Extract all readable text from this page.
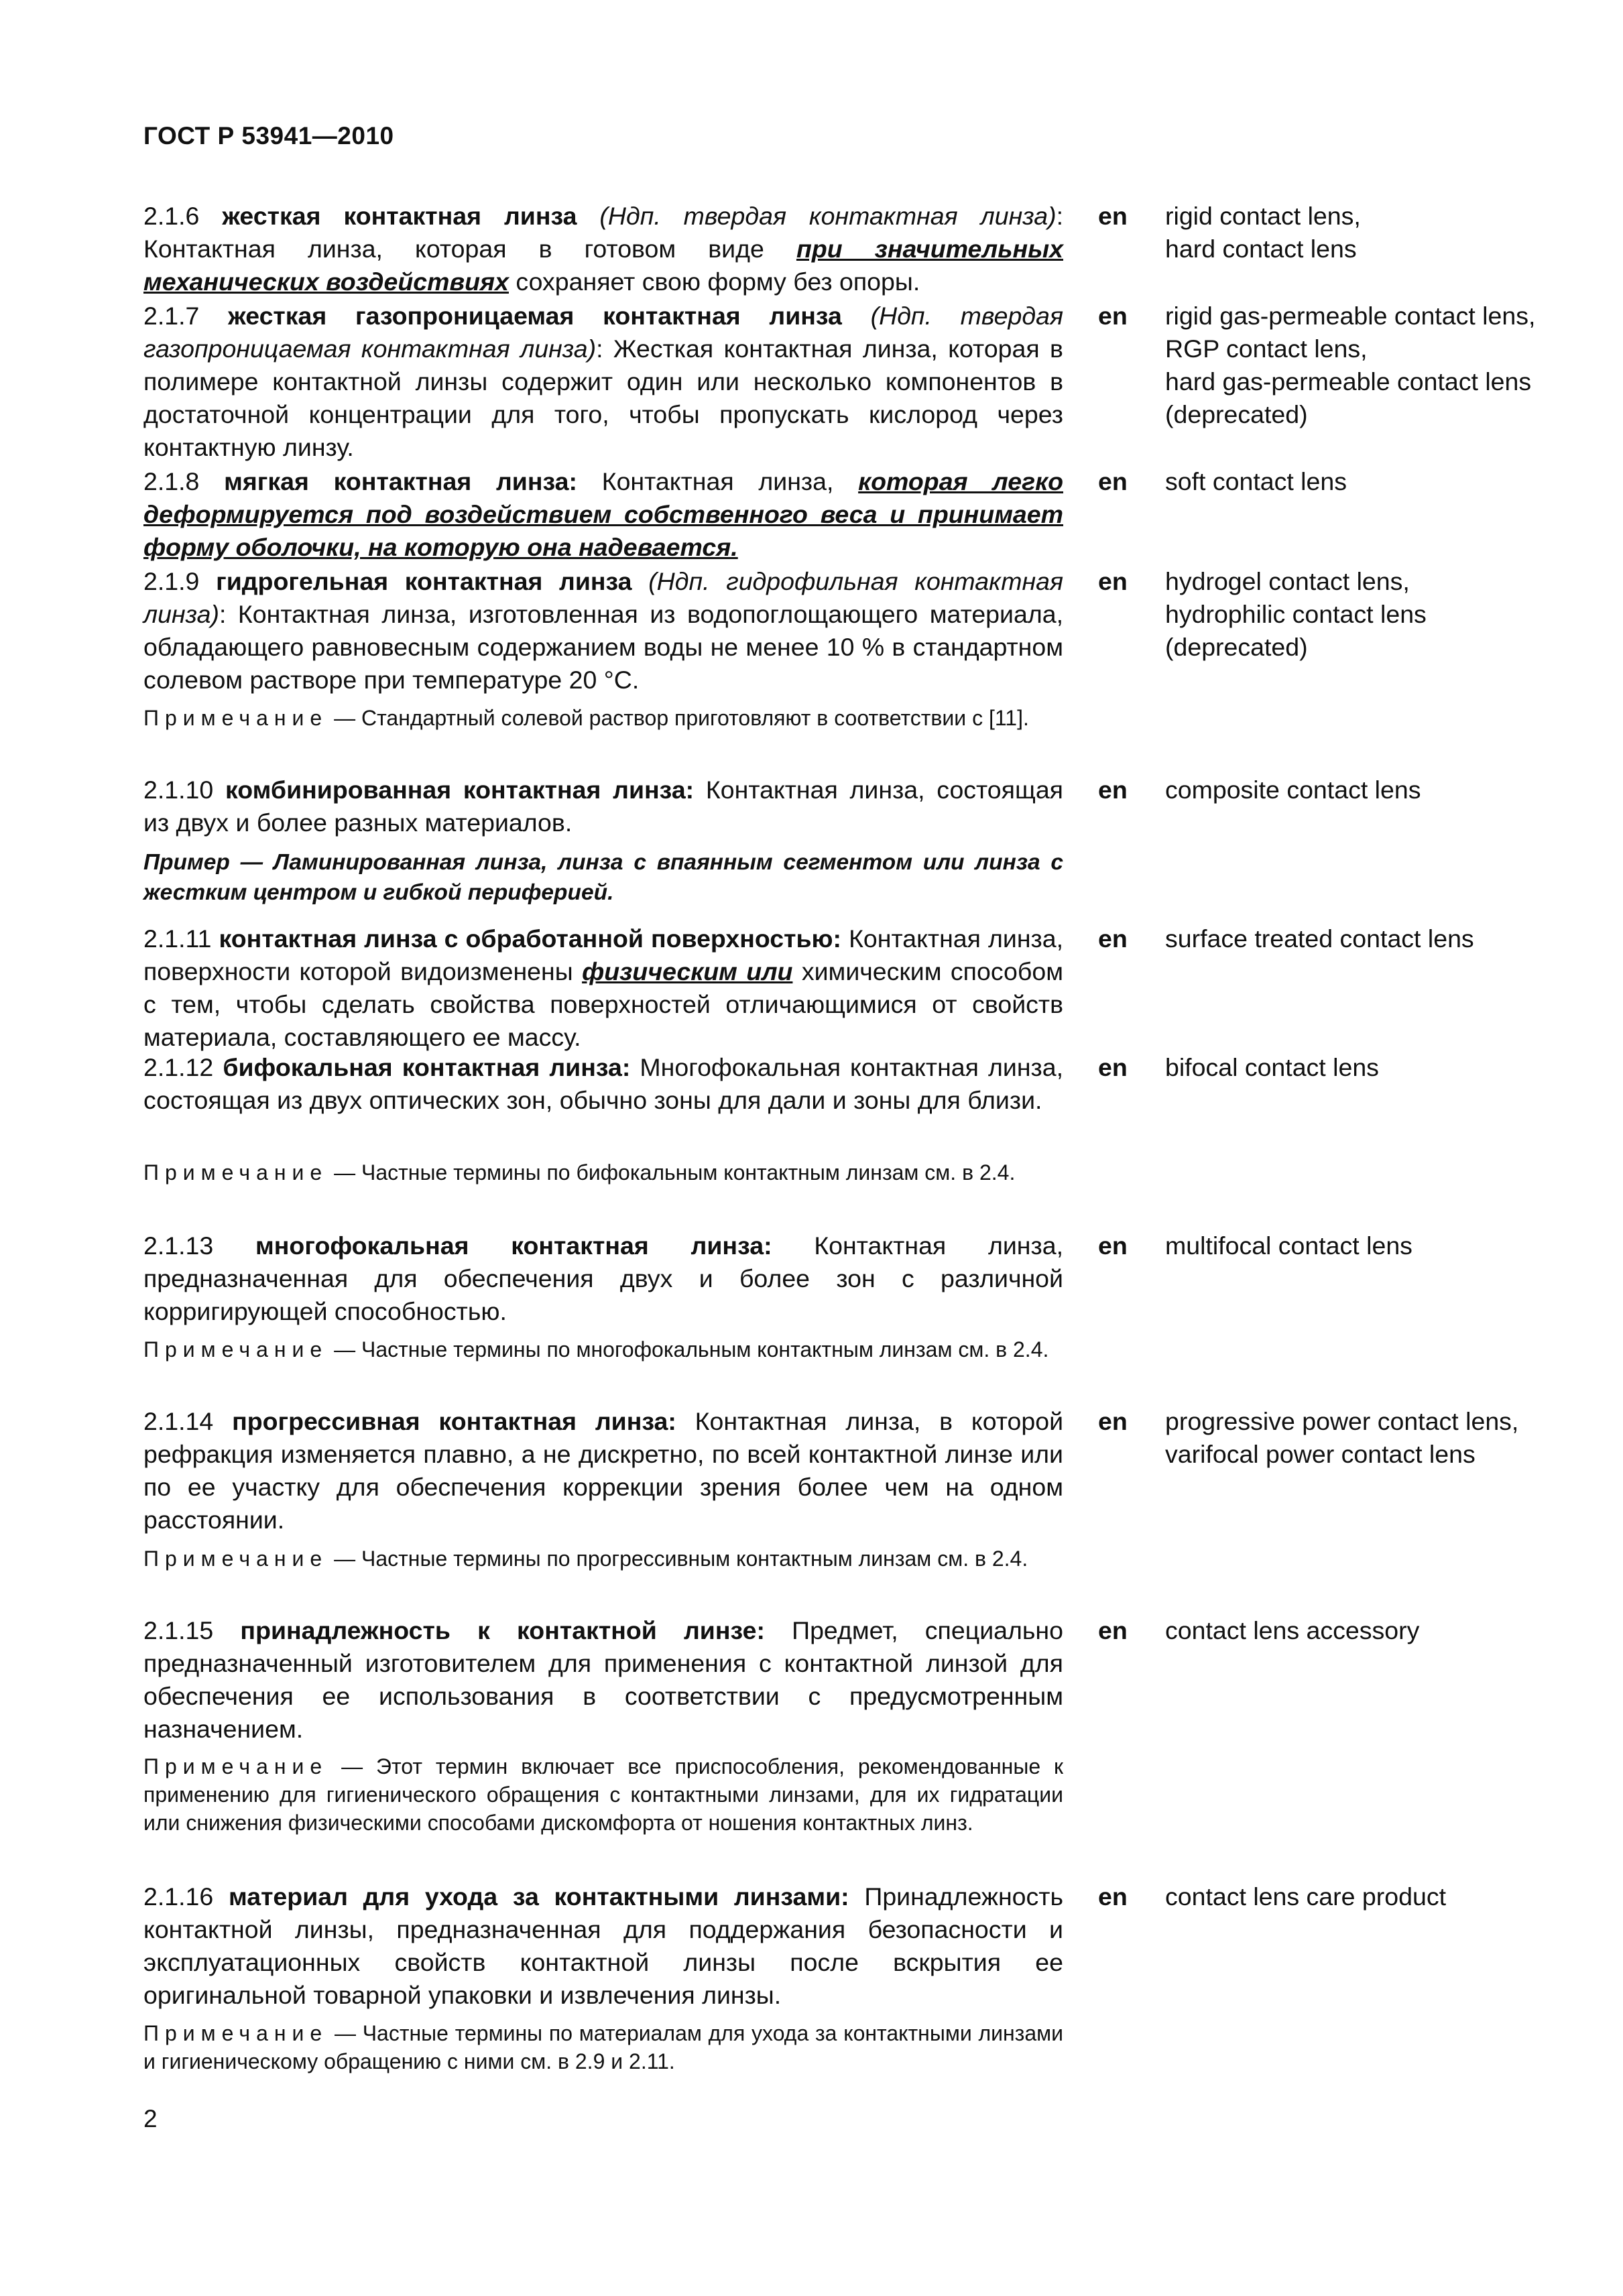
ГОСТ Р 53941—2010
2.1.6 жесткая контактная линза (Ндп. твердая контактная линза): Контактная линза, которая в готовом виде при значительных механических воздействиях сохраняет свою форму без опоры.
en rigid contact lens,
hard contact lens
2.1.7 жесткая газопроницаемая контактная линза (Ндп. твердая газопроницаемая контактная линза): Жесткая контактная линза, которая в полимере контактной линзы содержит один или несколько компонентов в достаточной концентрации для того, чтобы пропускать кислород через контактную линзу.
en rigid gas-permeable contact lens,
RGP contact lens,
hard gas-permeable contact lens (deprecated)
2.1.8 мягкая контактная линза: Контактная линза, которая легко деформируется под воздействием собственного веса и принимает форму оболочки, на которую она надевается.
en soft contact lens
2.1.9 гидрогельная контактная линза (Ндп. гидрофильная контактная линза): Контактная линза, изготовленная из водопоглощающего материала, обладающего равновесным содержанием воды не менее 10 % в стандартном солевом растворе при температуре 20 °С.
en hydrogel contact lens,
hydrophilic contact lens
(deprecated)
Примечание — Стандартный солевой раствор приготовляют в соответствии с [11].
2.1.10 комбинированная контактная линза: Контактная линза, состоящая из двух и более разных материалов.
en composite contact lens
Пример — Ламинированная линза, линза с впаянным сегментом или линза с жестким центром и гибкой периферией.
2.1.11 контактная линза с обработанной поверхностью: Контактная линза, поверхности которой видоизменены физическим или химическим способом с тем, чтобы сделать свойства поверхностей отличающимися от свойств материала, составляющего ее массу.
en surface treated contact lens
2.1.12 бифокальная контактная линза: Многофокальная контактная линза, состоящая из двух оптических зон, обычно зоны для дали и зоны для близи.
en bifocal contact lens
Примечание — Частные термины по бифокальным контактным линзам см. в 2.4.
2.1.13 многофокальная контактная линза: Контактная линза, предназначенная для обеспечения двух и более зон с различной корригирующей способностью.
en multifocal contact lens
Примечание — Частные термины по многофокальным контактным линзам см. в 2.4.
2.1.14 прогрессивная контактная линза: Контактная линза, в которой рефракция изменяется плавно, а не дискретно, по всей контактной линзе или по ее участку для обеспечения коррекции зрения более чем на одном расстоянии.
en progressive power contact lens,
varifocal power contact lens
Примечание — Частные термины по прогрессивным контактным линзам см. в 2.4.
2.1.15 принадлежность к контактной линзе: Предмет, специально предназначенный изготовителем для применения с контактной линзой для обеспечения ее использования в соответствии с предусмотренным назначением.
en contact lens accessory
Примечание — Этот термин включает все приспособления, рекомендованные к применению для гигиенического обращения с контактными линзами, для их гидратации или снижения физическими способами дискомфорта от ношения контактных линз.
2.1.16 материал для ухода за контактными линзами: Принадлежность контактной линзы, предназначенная для поддержания безопасности и эксплуатационных свойств контактной линзы после вскрытия ее оригинальной товарной упаковки и извлечения линзы.
en contact lens care product
Примечание — Частные термины по материалам для ухода за контактными линзами и гигиеническому обращению с ними см. в 2.9 и 2.11.
2
